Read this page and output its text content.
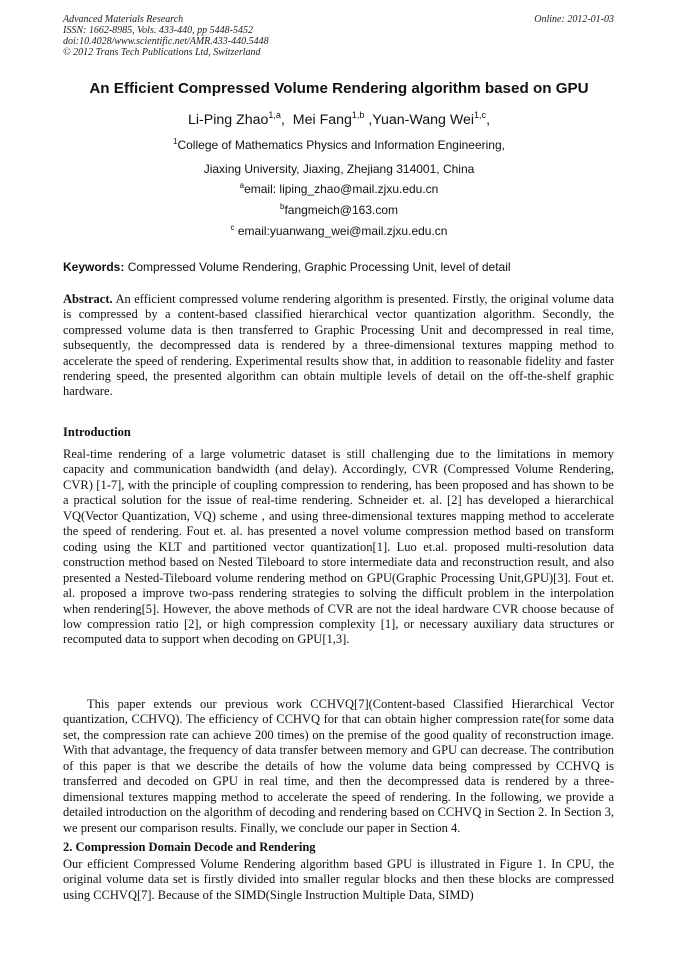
Advanced Materials Research
ISSN: 1662-8985, Vols. 433-440, pp 5448-5452
doi:10.4028/www.scientific.net/AMR.433-440.5448
© 2012 Trans Tech Publications Ltd, Switzerland
Online: 2012-01-03
An Efficient Compressed Volume Rendering algorithm based on GPU
Li-Ping Zhao$^{1,a}$,  Mei Fang$^{1,b}$ ,Yuan-Wang Wei$^{1,c}$,
$^1$College of Mathematics Physics and Information Engineering,
Jiaxing University, Jiaxing, Zhejiang 314001, China
$^a$email: liping_zhao@mail.zjxu.edu.cn
$^b$fangmeich@163.com
$^c$ email:yuanwang_wei@mail.zjxu.edu.cn
Keywords: Compressed Volume Rendering, Graphic Processing Unit, level of detail

Abstract. An efficient compressed volume rendering algorithm is presented. Firstly, the original volume data is compressed by a content-based classified hierarchical vector quantization algorithm. Secondly, the compressed volume data is then transferred to Graphic Processing Unit and decompressed in real time, subsequently, the decompressed data is rendered by a three-dimensional textures mapping method to accelerate the speed of rendering. Experimental results show that, in addition to reasonable fidelity and faster rendering speed, the presented algorithm can obtain multiple levels of detail on the off-the-shelf graphic hardware.

Introduction

Real-time rendering of a large volumetric dataset is still challenging due to the limitations in memory capacity and communication bandwidth (and delay). Accordingly, CVR (Compressed Volume Rendering, CVR) [1-7], with the principle of coupling compression to rendering, has been proposed and has shown to be a practical solution for the issue of real-time rendering. Schneider et. al. [2] has developed a hierarchical VQ(Vector Quantization, VQ) scheme , and using three-dimensional textures mapping method to accelerate the speed of rendering. Fout et. al. has presented a novel volume compression method based on transform coding using the KLT and partitioned vector quantization[1]. Luo et.al. proposed multi-resolution data construction method based on Nested Tileboard to store intermediate data and reconstruction result, and also presented a Nested-Tileboard volume rendering method on GPU(Graphic Processing Unit,GPU)[3]. Fout et. al. proposed a improve two-pass rendering strategies to solving the difficult problem in the interpolation when rendering[5]. However, the above methods of CVR are not the ideal hardware CVR choose because of low compression ratio [2], or high compression complexity [1], or necessary auxiliary data structures or recomputed data to support when decoding on GPU[1,3].

This paper extends our previous work CCHVQ[7](Content-based Classified Hierarchical Vector quantization, CCHVQ). The efficiency of CCHVQ for that can obtain higher compression rate(for some data set, the compression rate can achieve 200 times) on the premise of the good quality of reconstruction image. With that advantage, the frequency of data transfer between memory and GPU can decrease. The contribution of this paper is that we describe the details of how the volume data being compressed by CCHVQ is transferred and decoded on GPU in real time, and then the decompressed data is rendered by a three-dimensional textures mapping method to accelerate the speed of rendering. In the following, we provide a detailed introduction on the algorithm of decoding and rendering based on CCHVQ in Section 2. In Section 3, we present our comparison results. Finally, we conclude our paper in Section 4.

2. Compression Domain Decode and Rendering

Our efficient Compressed Volume Rendering algorithm based GPU is illustrated in Figure 1. In CPU, the original volume data set is firstly divided into smaller regular blocks and then these blocks are compressed using CCHVQ[7]. Because of the SIMD(Single Instruction Multiple Data, SIMD)
